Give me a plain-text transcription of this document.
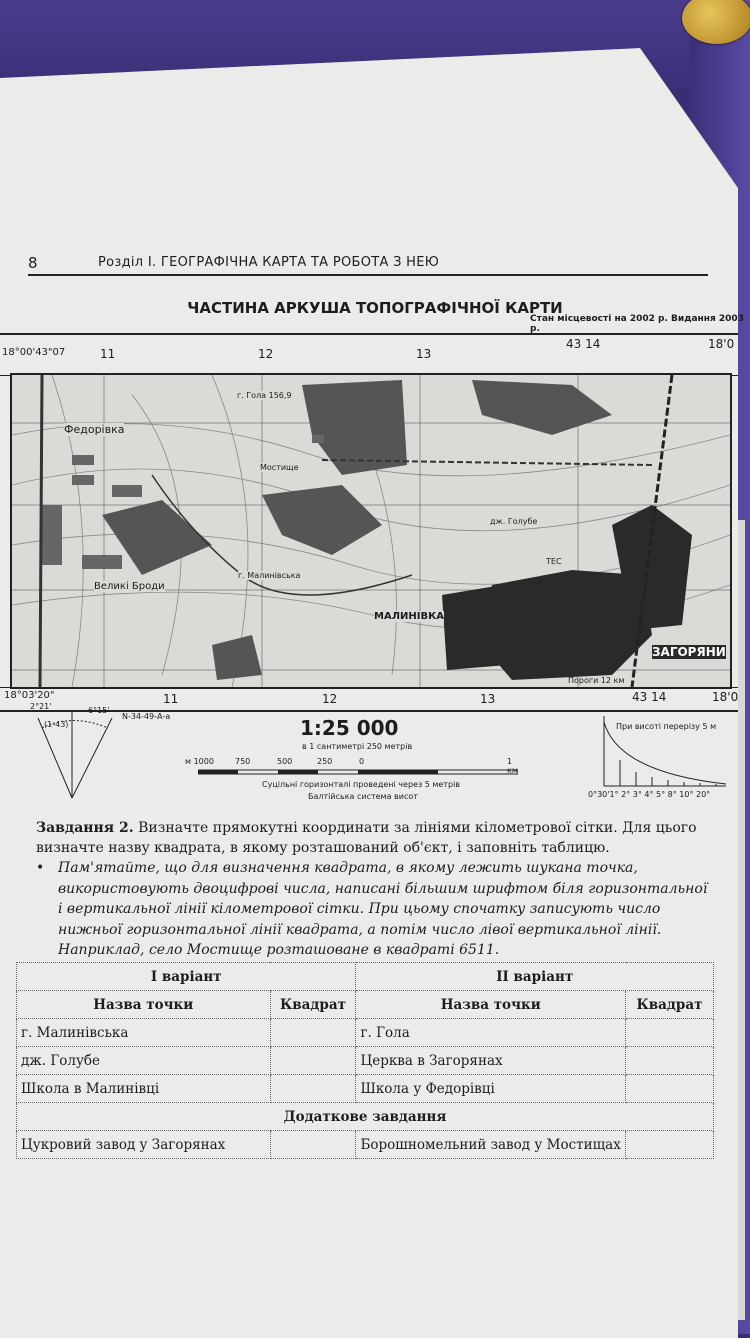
8	Розділ І. ГЕОГРАФІЧНА КАРТА ТА РОБОТА З НЕЮ
ЧАСТИНА АРКУША ТОПОГРАФІЧНОЇ КАРТИ
Стан місцевості на 2002 р. Видання 2003 р.
18°00'43"07	11	12	13
43 14	18'0
Федорівка
г. Гола 156,9
Мостище
Великі Броди
г. Малинівська
МАЛИНІВКА
ЗАГОРЯНИ
дж. Голубе
ТЕС
18°03'20"	11	12	13	43 14	18'0
Пороги 12 км
2°21'
(1-43)
6°15'
N-34-49-А-а	1:25 000
в 1 сантиметрі 250 метрів
м 1000	750	500	250	0	1 км
Суцільні горизонталі проведені через 5 метрів
Балтійська система висот
При висоті перерізу 5 м
0°30'1° 2° 3° 4° 5° 8° 10° 20°
Завдання 2. Визначте прямокутні координати за лініями кілометрової сітки. Для цього визначте назву квадрата, в якому розташований об'єкт, і заповніть таблицю.
• Пам'ятайте, що для визначення квадрата, в якому лежить шукана точка, використовують двоцифрові числа, написані більшим шрифтом біля горизонтальної і вертикальної лінії кілометрової сітки. При цьому спочатку записують число нижньої горизонтальної лінії квадрата, а потім число лівої вертикальної лінії. Наприклад, село Мостище розташоване в квадраті 6511.
І варіант		ІІ варіант	
Назва точки	Квадрат	Назва точки	Квадрат
г. Малинівська		г. Гола	
дж. Голубе		Церква в Загорянах	
Школа в Малинівці		Школа у Федорівці	
Додаткове завдання			
Цукровий завод у Загорянах		Борошномельний завод у Мостищах	
